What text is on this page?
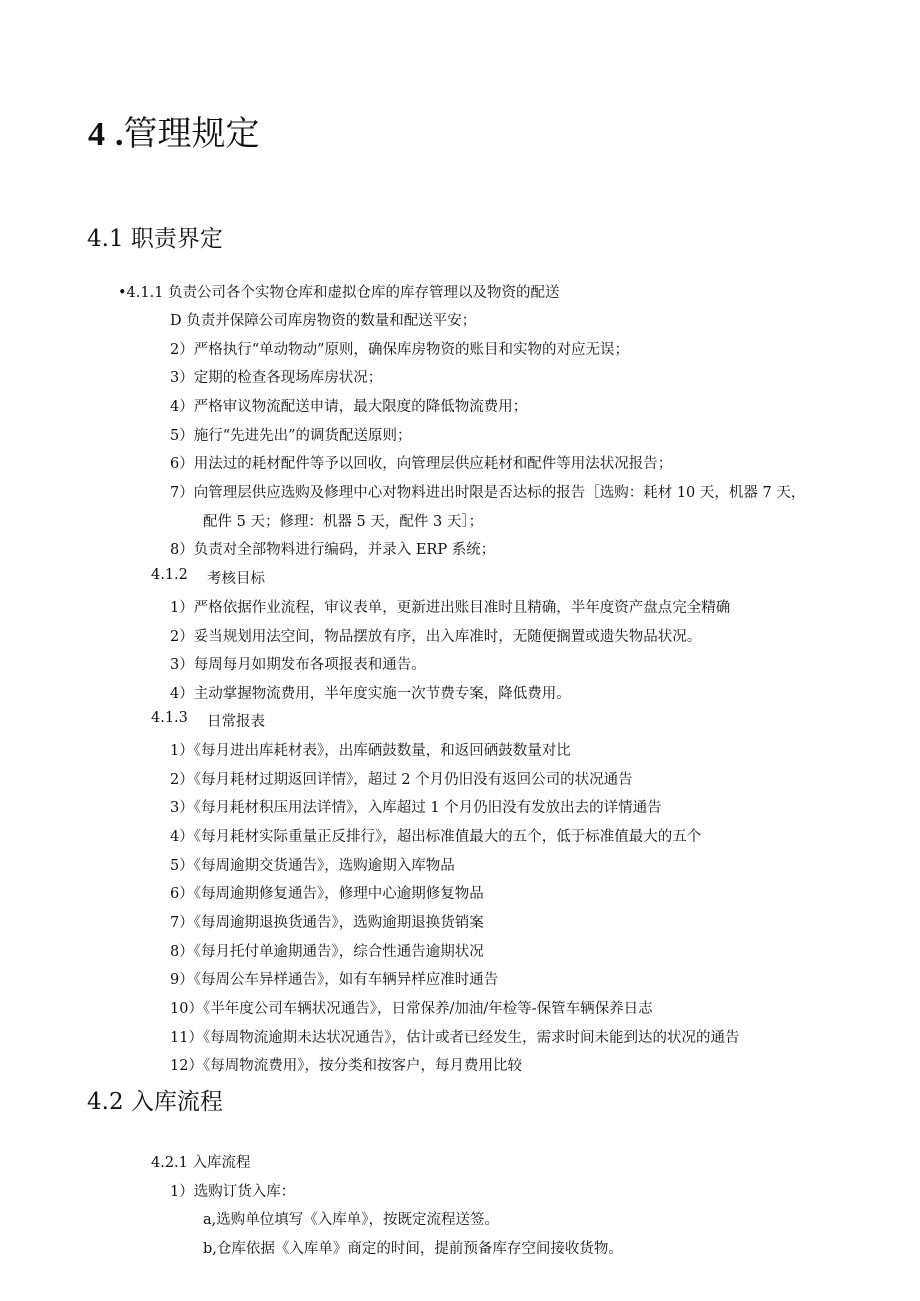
4 .管理规定
4.1 职责界定
•4.1.1 负责公司各个实物仓库和虚拟仓库的库存管理以及物资的配送
D 负责并保障公司库房物资的数量和配送平安；
2）严格执行“单动物动”原则，确保库房物资的账目和实物的对应无误；
3）定期的检查各现场库房状况；
4）严格审议物流配送申请，最大限度的降低物流费用；
5）施行“先进先出”的调货配送原则；
6）用法过的耗材配件等予以回收，向管理层供应耗材和配件等用法状况报告；
7）向管理层供应选购及修理中心对物料进出时限是否达标的报告［选购：耗材 10 天，机器 7 天，
配件 5 天；修理：机器 5 天，配件 3 天］；
8）负责对全部物料进行编码，并录入 ERP 系统；
4.1.2 考核目标
1）严格依据作业流程，审议表单，更新进出账目准时且精确，半年度资产盘点完全精确
2）妥当规划用法空间，物品摆放有序，出入库准时，无随便搁置或遗失物品状况。
3）每周每月如期发布各项报表和通告。
4）主动掌握物流费用，半年度实施一次节费专案，降低费用。
4.1.3 日常报表
1）《每月进出库耗材表》，出库硒鼓数量，和返回硒鼓数量对比
2）《每月耗材过期返回详情》，超过 2 个月仍旧没有返回公司的状况通告
3）《每月耗材积压用法详情》，入库超过 1 个月仍旧没有发放出去的详情通告
4）《每月耗材实际重量正反排行》，超出标准值最大的五个，低于标准值最大的五个
5）《每周逾期交货通告》，选购逾期入库物品
6）《每周逾期修复通告》，修理中心逾期修复物品
7）《每周逾期退换货通告》，选购逾期退换货销案
8）《每月托付单逾期通告》，综合性通告逾期状况
9）《每周公车异样通告》，如有车辆异样应准时通告
10）《半年度公司车辆状况通告》，日常保养/加油/年检等-保管车辆保养日志
11）《每周物流逾期未达状况通告》，估计或者已经发生，需求时间未能到达的状况的通告
12）《每周物流费用》，按分类和按客户，每月费用比较
4.2 入库流程
4.2.1 入库流程
1）选购订货入库：
a,选购单位填写《入库单》，按既定流程送签。
b,仓库依据《入库单》商定的时间，提前预备库存空间接收货物。
